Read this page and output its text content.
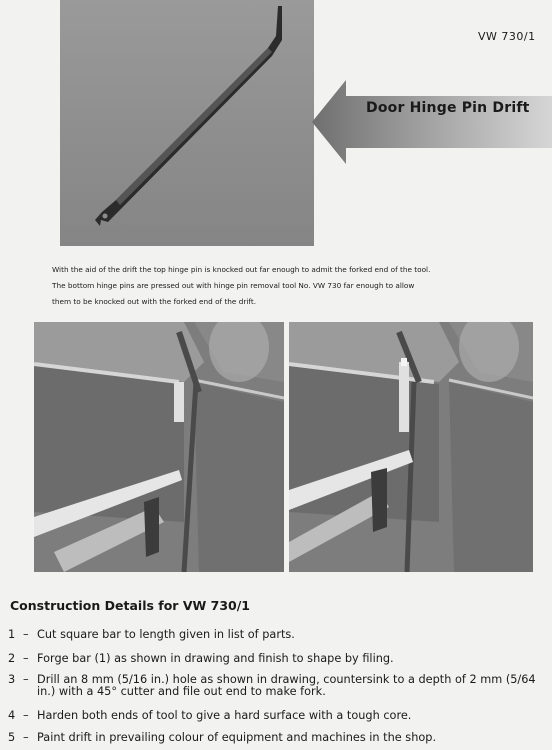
VW 730/1
Door Hinge Pin Drift

With the aid of the drift the top hinge pin is knocked out far enough to admit the forked end of the tool.

The bottom hinge pins are pressed out with hinge pin removal tool No. VW 730 far enough to allow

them to be knocked out with the forked end of the drift.

Construction Details for VW 730/1
1 – Cut square bar to length given in list of parts.
2 – Forge bar (1) as shown in drawing and finish to shape by filing.
3 – Drill an 8 mm (5/16 in.) hole as shown in drawing, countersink to a depth of 2 mm (5/64 in.) with a 45° cutter and file out end to make fork.
4 – Harden both ends of tool to give a hard surface with a tough core.
5 – Paint drift in prevailing colour of equipment and machines in the shop.
